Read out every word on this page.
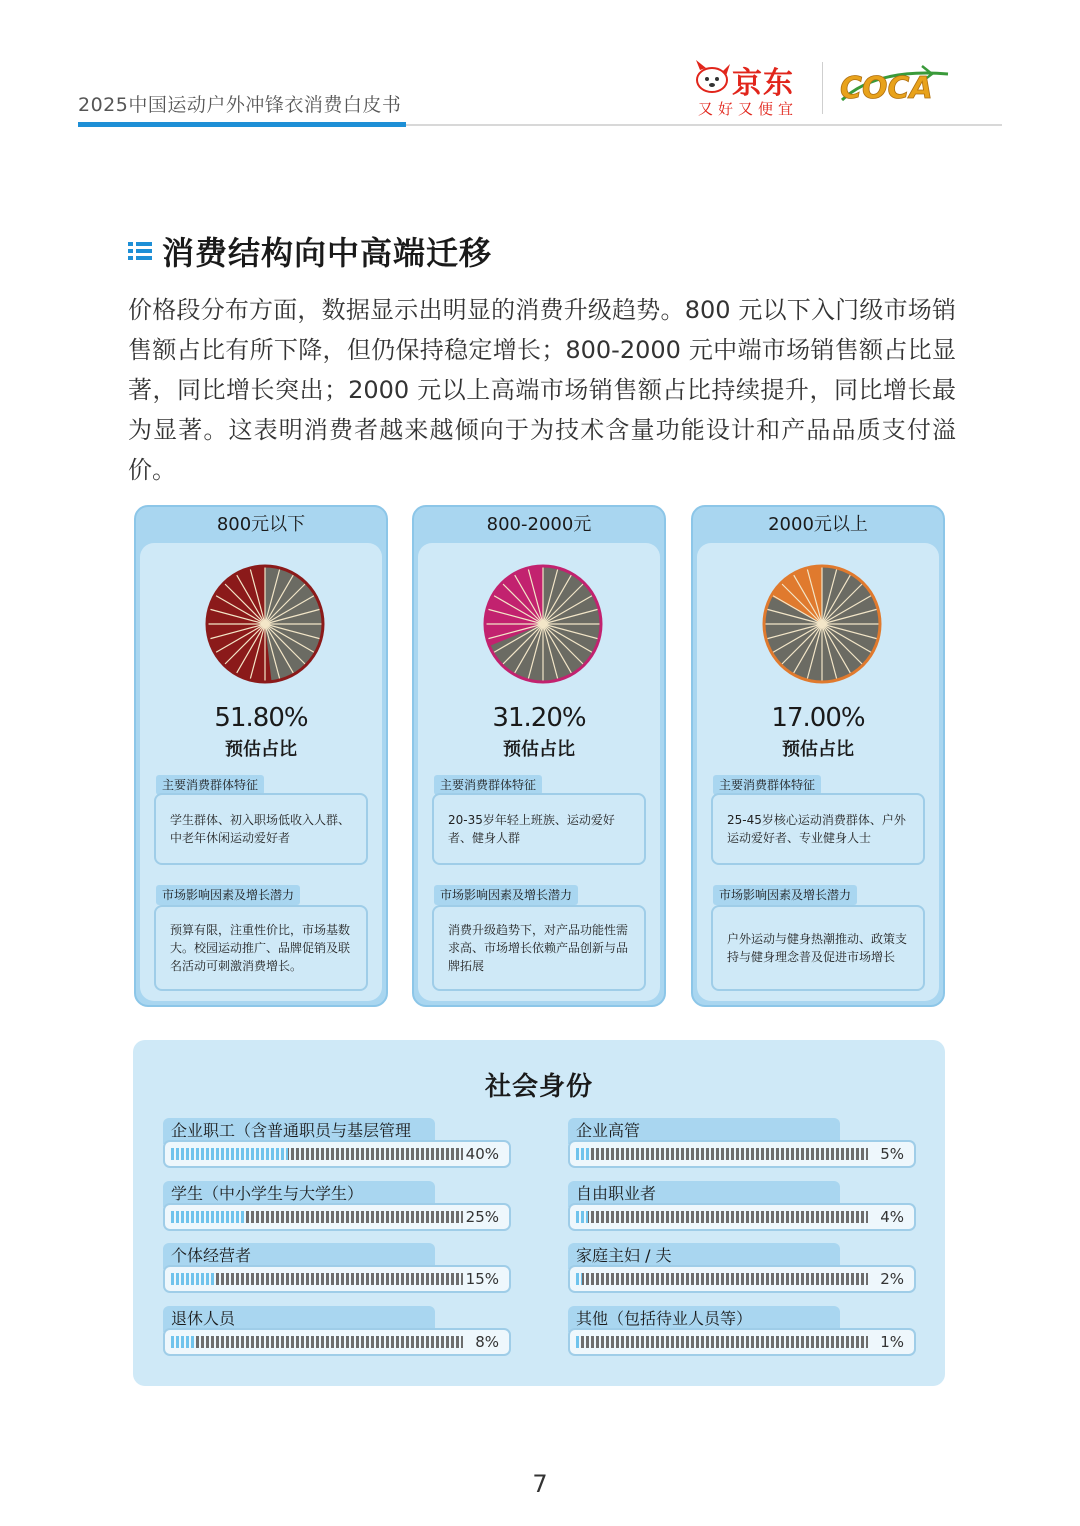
2025中国运动户外冲锋衣消费白皮书
京东
又好又便宜
COCA
消费结构向中高端迁移
价格段分布方面，数据显示出明显的消费升级趋势。800 元以下入门级市场销售额占比有所下降，但仍保持稳定增长；800-2000 元中端市场销售额占比显著，同比增长突出；2000 元以上高端市场销售额占比持续提升，同比增长最为显著。这表明消费者越来越倾向于为技术含量功能设计和产品品质支付溢价。
800元以下
51.80%
预估占比
主要消费群体特征
学生群体、初入职场低收入人群、中老年休闲运动爱好者
市场影响因素及增长潜力
预算有限，注重性价比，市场基数大。校园运动推广、品牌促销及联名活动可刺激消费增长。
800-2000元
31.20%
预估占比
主要消费群体特征
20-35岁年轻上班族、运动爱好者、健身人群
市场影响因素及增长潜力
消费升级趋势下，对产品功能性需求高、市场增长依赖产品创新与品牌拓展
2000元以上
17.00%
预估占比
主要消费群体特征
25-45岁核心运动消费群体、户外运动爱好者、专业健身人士
市场影响因素及增长潜力
户外运动与健身热潮推动、政策支持与健身理念普及促进市场增长
社会身份
企业职工（含普通职员与基层管理
40%
学生（中小学生与大学生）
25%
个体经营者
15%
退休人员
8%
企业高管
5%
自由职业者
4%
家庭主妇 / 夫
2%
其他（包括待业人员等）
1%
7
